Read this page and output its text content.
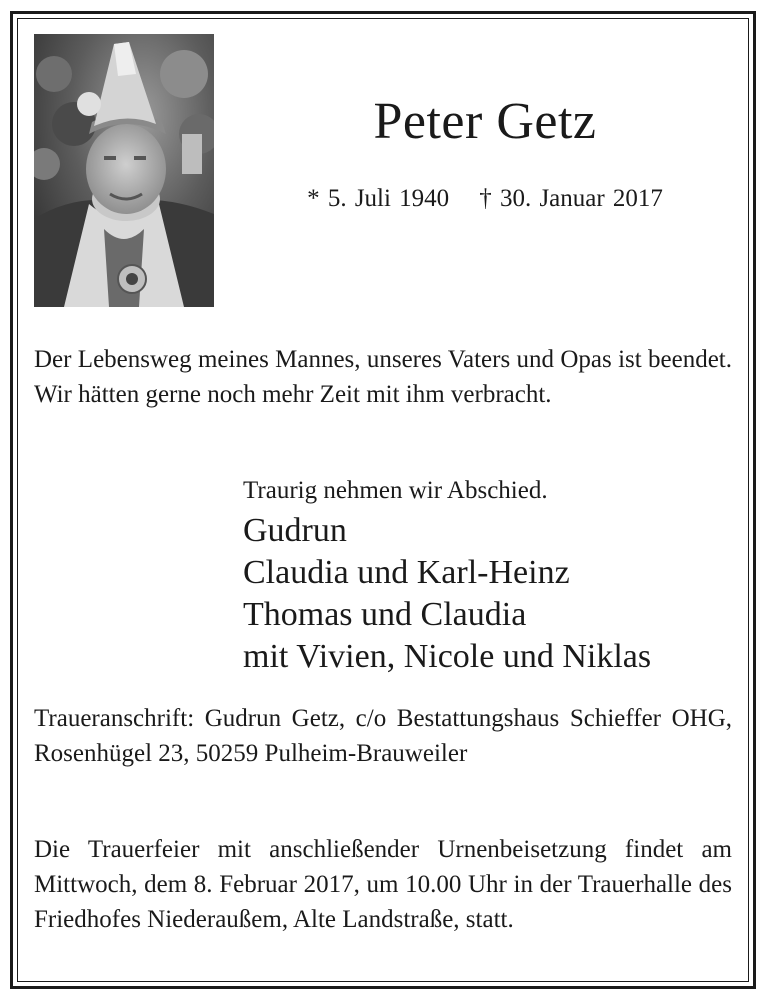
Peter Getz
* 5. Juli 1940 † 30. Januar 2017

Der Lebensweg meines Mannes, unseres Vaters und Opas ist beendet. Wir hätten gerne noch mehr Zeit mit ihm verbracht.

Traurig nehmen wir Abschied.

Gudrun

Claudia und Karl-Heinz

Thomas und Claudia

mit Vivien, Nicole und Niklas

Traueranschrift: Gudrun Getz, c/o Bestattungshaus Schieffer OHG, Rosenhügel 23, 50259 Pulheim-Brauweiler

Die Trauerfeier mit anschließender Urnenbeisetzung findet am Mittwoch, dem 8. Februar 2017, um 10.00 Uhr in der Trauerhalle des Friedhofes Niederaußem, Alte Landstraße, statt.
